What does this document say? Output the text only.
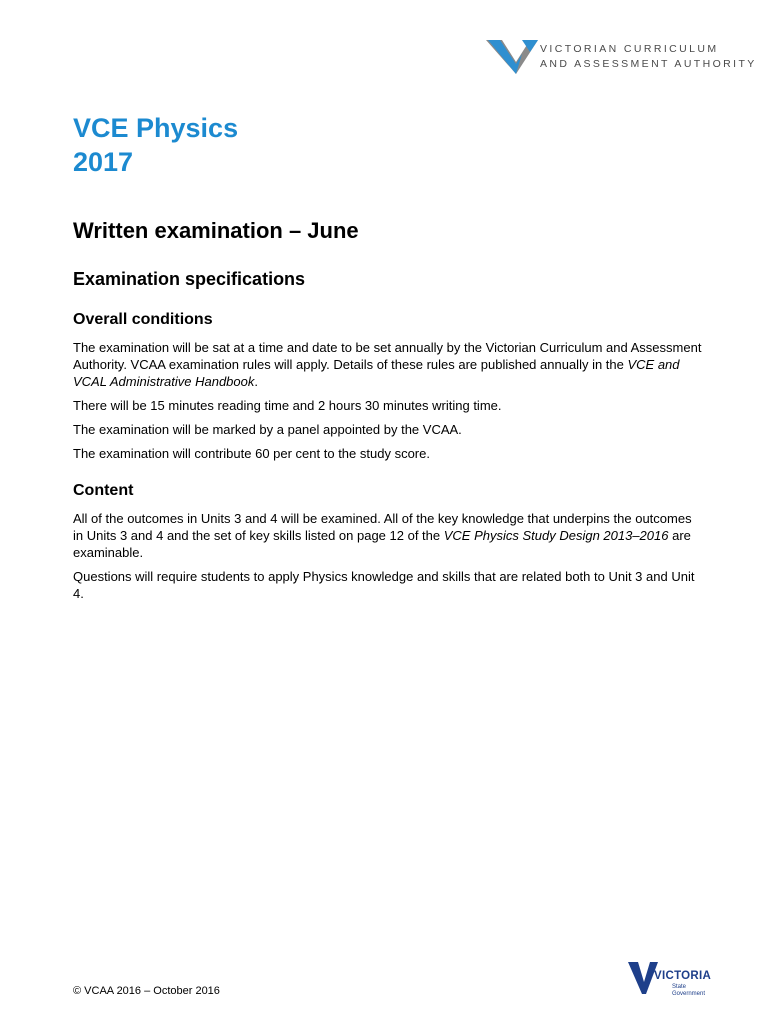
VICTORIAN CURRICULUM
AND ASSESSMENT AUTHORITY
VCE Physics
2017
Written examination – June
Examination specifications
Overall conditions

The examination will be sat at a time and date to be set annually by the Victorian Curriculum and Assessment Authority. VCAA examination rules will apply. Details of these rules are published annually in the VCE and VCAL Administrative Handbook.

There will be 15 minutes reading time and 2 hours 30 minutes writing time.

The examination will be marked by a panel appointed by the VCAA.

The examination will contribute 60 per cent to the study score.

Content

All of the outcomes in Units 3 and 4 will be examined. All of the key knowledge that underpins the outcomes in Units 3 and 4 and the set of key skills listed on page 12 of the VCE Physics Study Design 2013–2016 are examinable.

Questions will require students to apply Physics knowledge and skills that are related both to Unit 3 and Unit 4.

© VCAA 2016 – October 2016
VICTORIA
State
Government
